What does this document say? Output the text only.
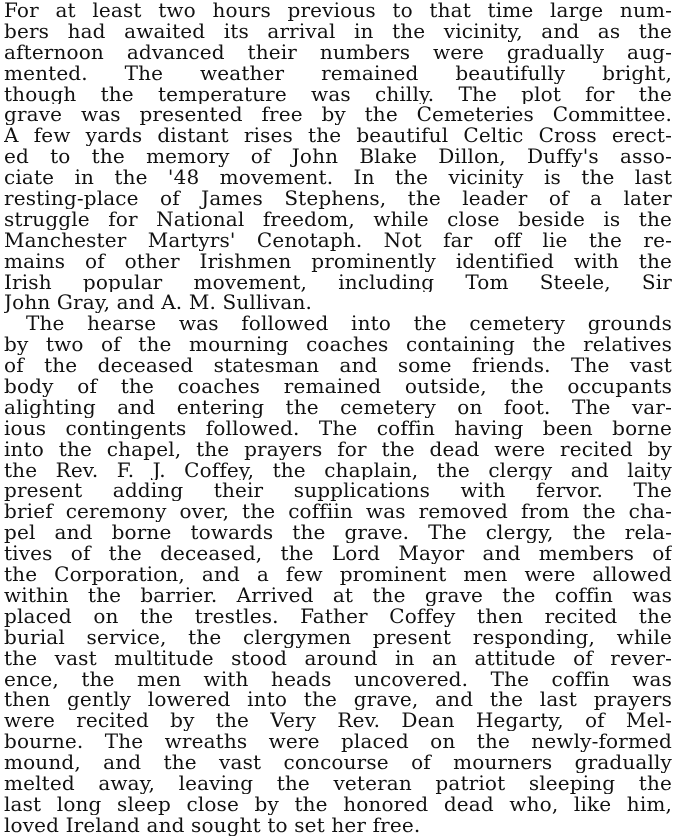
For at least two hours previous to that time large num-
bers had awaited its arrival in the vicinity, and as the
afternoon advanced their numbers were gradually aug-
mented. The weather remained beautifully bright,
though the temperature was chilly. The plot for the
grave was presented free by the Cemeteries Committee.
A few yards distant rises the beautiful Celtic Cross erect-
ed to the memory of John Blake Dillon, Duffy's asso-
ciate in the '48 movement. In the vicinity is the last
resting-place of James Stephens, the leader of a later
struggle for National freedom, while close beside is the
Manchester Martyrs' Cenotaph. Not far off lie the re-
mains of other Irishmen prominently identified with the
Irish popular movement, including Tom Steele, Sir
John Gray, and A. M. Sullivan.
The hearse was followed into the cemetery grounds
by two of the mourning coaches containing the relatives
of the deceased statesman and some friends. The vast
body of the coaches remained outside, the occupants
alighting and entering the cemetery on foot. The var-
ious contingents followed. The coffin having been borne
into the chapel, the prayers for the dead were recited by
the Rev. F. J. Coffey, the chaplain, the clergy and laity
present adding their supplications with fervor. The
brief ceremony over, the coffiin was removed from the cha-
pel and borne towards the grave. The clergy, the rela-
tives of the deceased, the Lord Mayor and members of
the Corporation, and a few prominent men were allowed
within the barrier. Arrived at the grave the coffin was
placed on the trestles. Father Coffey then recited the
burial service, the clergymen present responding, while
the vast multitude stood around in an attitude of rever-
ence, the men with heads uncovered. The coffin was
then gently lowered into the grave, and the last prayers
were recited by the Very Rev. Dean Hegarty, of Mel-
bourne. The wreaths were placed on the newly-formed
mound, and the vast concourse of mourners gradually
melted away, leaving the veteran patriot sleeping the
last long sleep close by the honored dead who, like him,
loved Ireland and sought to set her free.
